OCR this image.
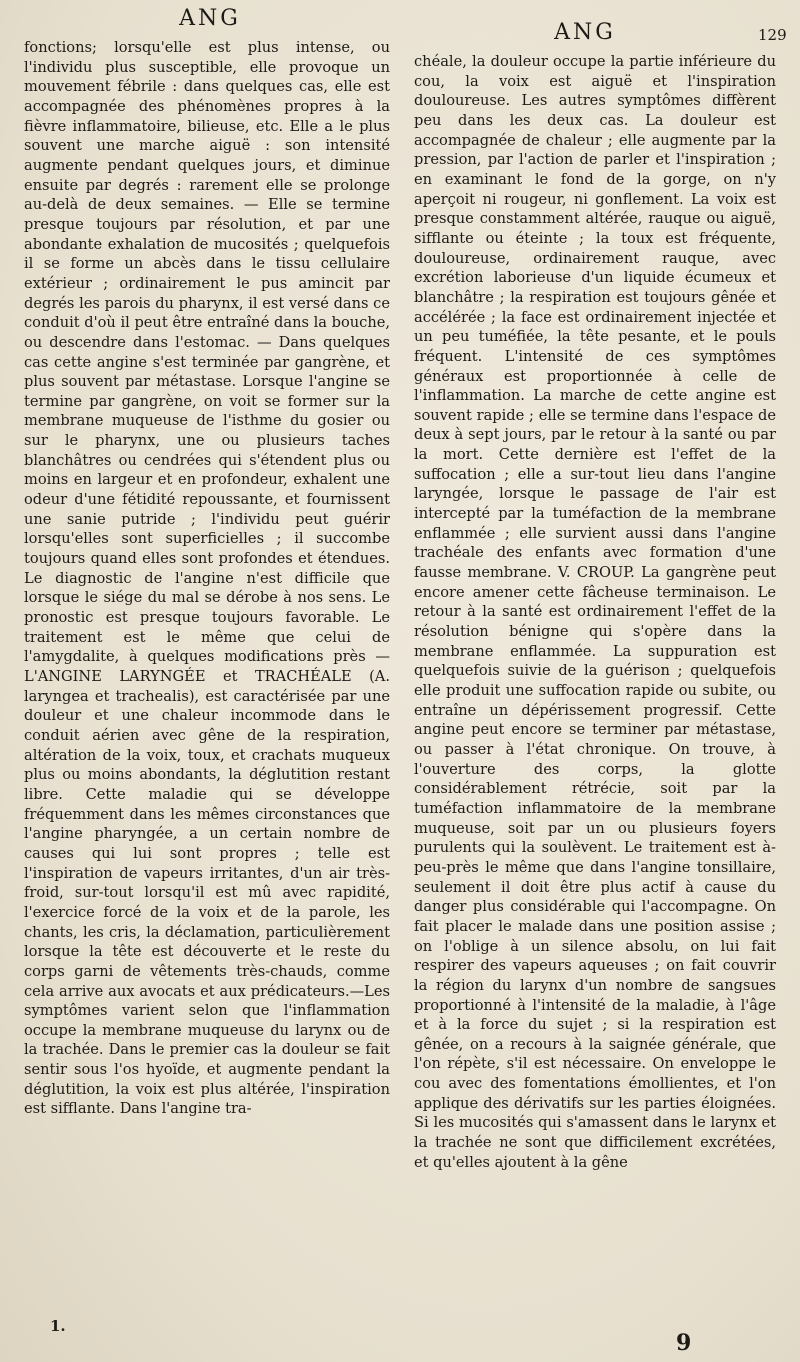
ANG
ANG	129

fonctions; lorsqu'elle est plus intense, ou l'individu plus susceptible, elle provoque un mouvement fébrile : dans quelques cas, elle est accompagnée des phénomènes propres à la fièvre inflammatoire, bilieuse, etc. Elle a le plus souvent une marche aiguë : son intensité augmente pendant quelques jours, et diminue ensuite par degrés : rarement elle se prolonge au-delà de deux semaines. — Elle se termine presque toujours par résolution, et par une abondante exhalation de mucosités ; quelquefois il se forme un abcès dans le tissu cellulaire extérieur ; ordinairement le pus amincit par degrés les parois du pharynx, il est versé dans ce conduit d'où il peut être entraîné dans la bouche, ou descendre dans l'estomac. — Dans quelques cas cette angine s'est terminée par gangrène, et plus souvent par métastase. Lorsque l'angine se termine par gangrène, on voit se former sur la membrane muqueuse de l'isthme du gosier ou sur le pharynx, une ou plusieurs taches blanchâtres ou cendrées qui s'étendent plus ou moins en largeur et en profondeur, exhalent une odeur d'une fétidité repoussante, et fournissent une sanie putride ; l'individu peut guérir lorsqu'elles sont superficielles ; il succombe toujours quand elles sont profondes et étendues. Le diagnostic de l'angine n'est difficile que lorsque le siége du mal se dérobe à nos sens. Le pronostic est presque toujours favorable. Le traitement est le même que celui de l'amygdalite, à quelques modifications près — L'ANGINE LARYNGÉE et TRACHÉALE (A. laryngea et trachealis), est caractérisée par une douleur et une chaleur incommode dans le conduit aérien avec gêne de la respiration, altération de la voix, toux, et crachats muqueux plus ou moins abondants, la déglutition restant libre. Cette maladie qui se développe fréquemment dans les mêmes circonstances que l'angine pharyngée, a un certain nombre de causes qui lui sont propres ; telle est l'inspiration de vapeurs irritantes, d'un air très-froid, sur-tout lorsqu'il est mû avec rapidité, l'exercice forcé de la voix et de la parole, les chants, les cris, la déclamation, particulièrement lorsque la tête est découverte et le reste du corps garni de vêtements très-chauds, comme cela arrive aux avocats et aux prédicateurs.—Les symptômes varient selon que l'inflammation occupe la membrane muqueuse du larynx ou de la trachée. Dans le premier cas la douleur se fait sentir sous l'os hyoïde, et augmente pendant la déglutition, la voix est plus altérée, l'inspiration est sifflante. Dans l'angine tra-

chéale, la douleur occupe la partie inférieure du cou, la voix est aiguë et l'inspiration douloureuse. Les autres symptômes diffèrent peu dans les deux cas. La douleur est accompagnée de chaleur ; elle augmente par la pression, par l'action de parler et l'inspiration ; en examinant le fond de la gorge, on n'y aperçoit ni rougeur, ni gonflement. La voix est presque constamment altérée, rauque ou aiguë, sifflante ou éteinte ; la toux est fréquente, douloureuse, ordinairement rauque, avec excrétion laborieuse d'un liquide écumeux et blanchâtre ; la respiration est toujours gênée et accélérée ; la face est ordinairement injectée et un peu tuméfiée, la tête pesante, et le pouls fréquent. L'intensité de ces symptômes généraux est proportionnée à celle de l'inflammation. La marche de cette angine est souvent rapide ; elle se termine dans l'espace de deux à sept jours, par le retour à la santé ou par la mort. Cette dernière est l'effet de la suffocation ; elle a sur-tout lieu dans l'angine laryngée, lorsque le passage de l'air est intercepté par la tuméfaction de la membrane enflammée ; elle survient aussi dans l'angine trachéale des enfants avec formation d'une fausse membrane. V. CROUP. La gangrène peut encore amener cette fâcheuse terminaison. Le retour à la santé est ordinairement l'effet de la résolution bénigne qui s'opère dans la membrane enflammée. La suppuration est quelquefois suivie de la guérison ; quelquefois elle produit une suffocation rapide ou subite, ou entraîne un dépérissement progressif. Cette angine peut encore se terminer par métastase, ou passer à l'état chronique. On trouve, à l'ouverture des corps, la glotte considérablement rétrécie, soit par la tuméfaction inflammatoire de la membrane muqueuse, soit par un ou plusieurs foyers purulents qui la soulèvent. Le traitement est à-peu-près le même que dans l'angine tonsillaire, seulement il doit être plus actif à cause du danger plus considérable qui l'accompagne. On fait placer le malade dans une position assise ; on l'oblige à un silence absolu, on lui fait respirer des vapeurs aqueuses ; on fait couvrir la région du larynx d'un nombre de sangsues proportionné à l'intensité de la maladie, à l'âge et à la force du sujet ; si la respiration est gênée, on a recours à la saignée générale, que l'on répète, s'il est nécessaire. On enveloppe le cou avec des fomentations émollientes, et l'on applique des dérivatifs sur les parties éloignées. Si les mucosités qui s'amassent dans le larynx et la trachée ne sont que difficilement excrétées, et qu'elles ajoutent à la gêne

1.
9
